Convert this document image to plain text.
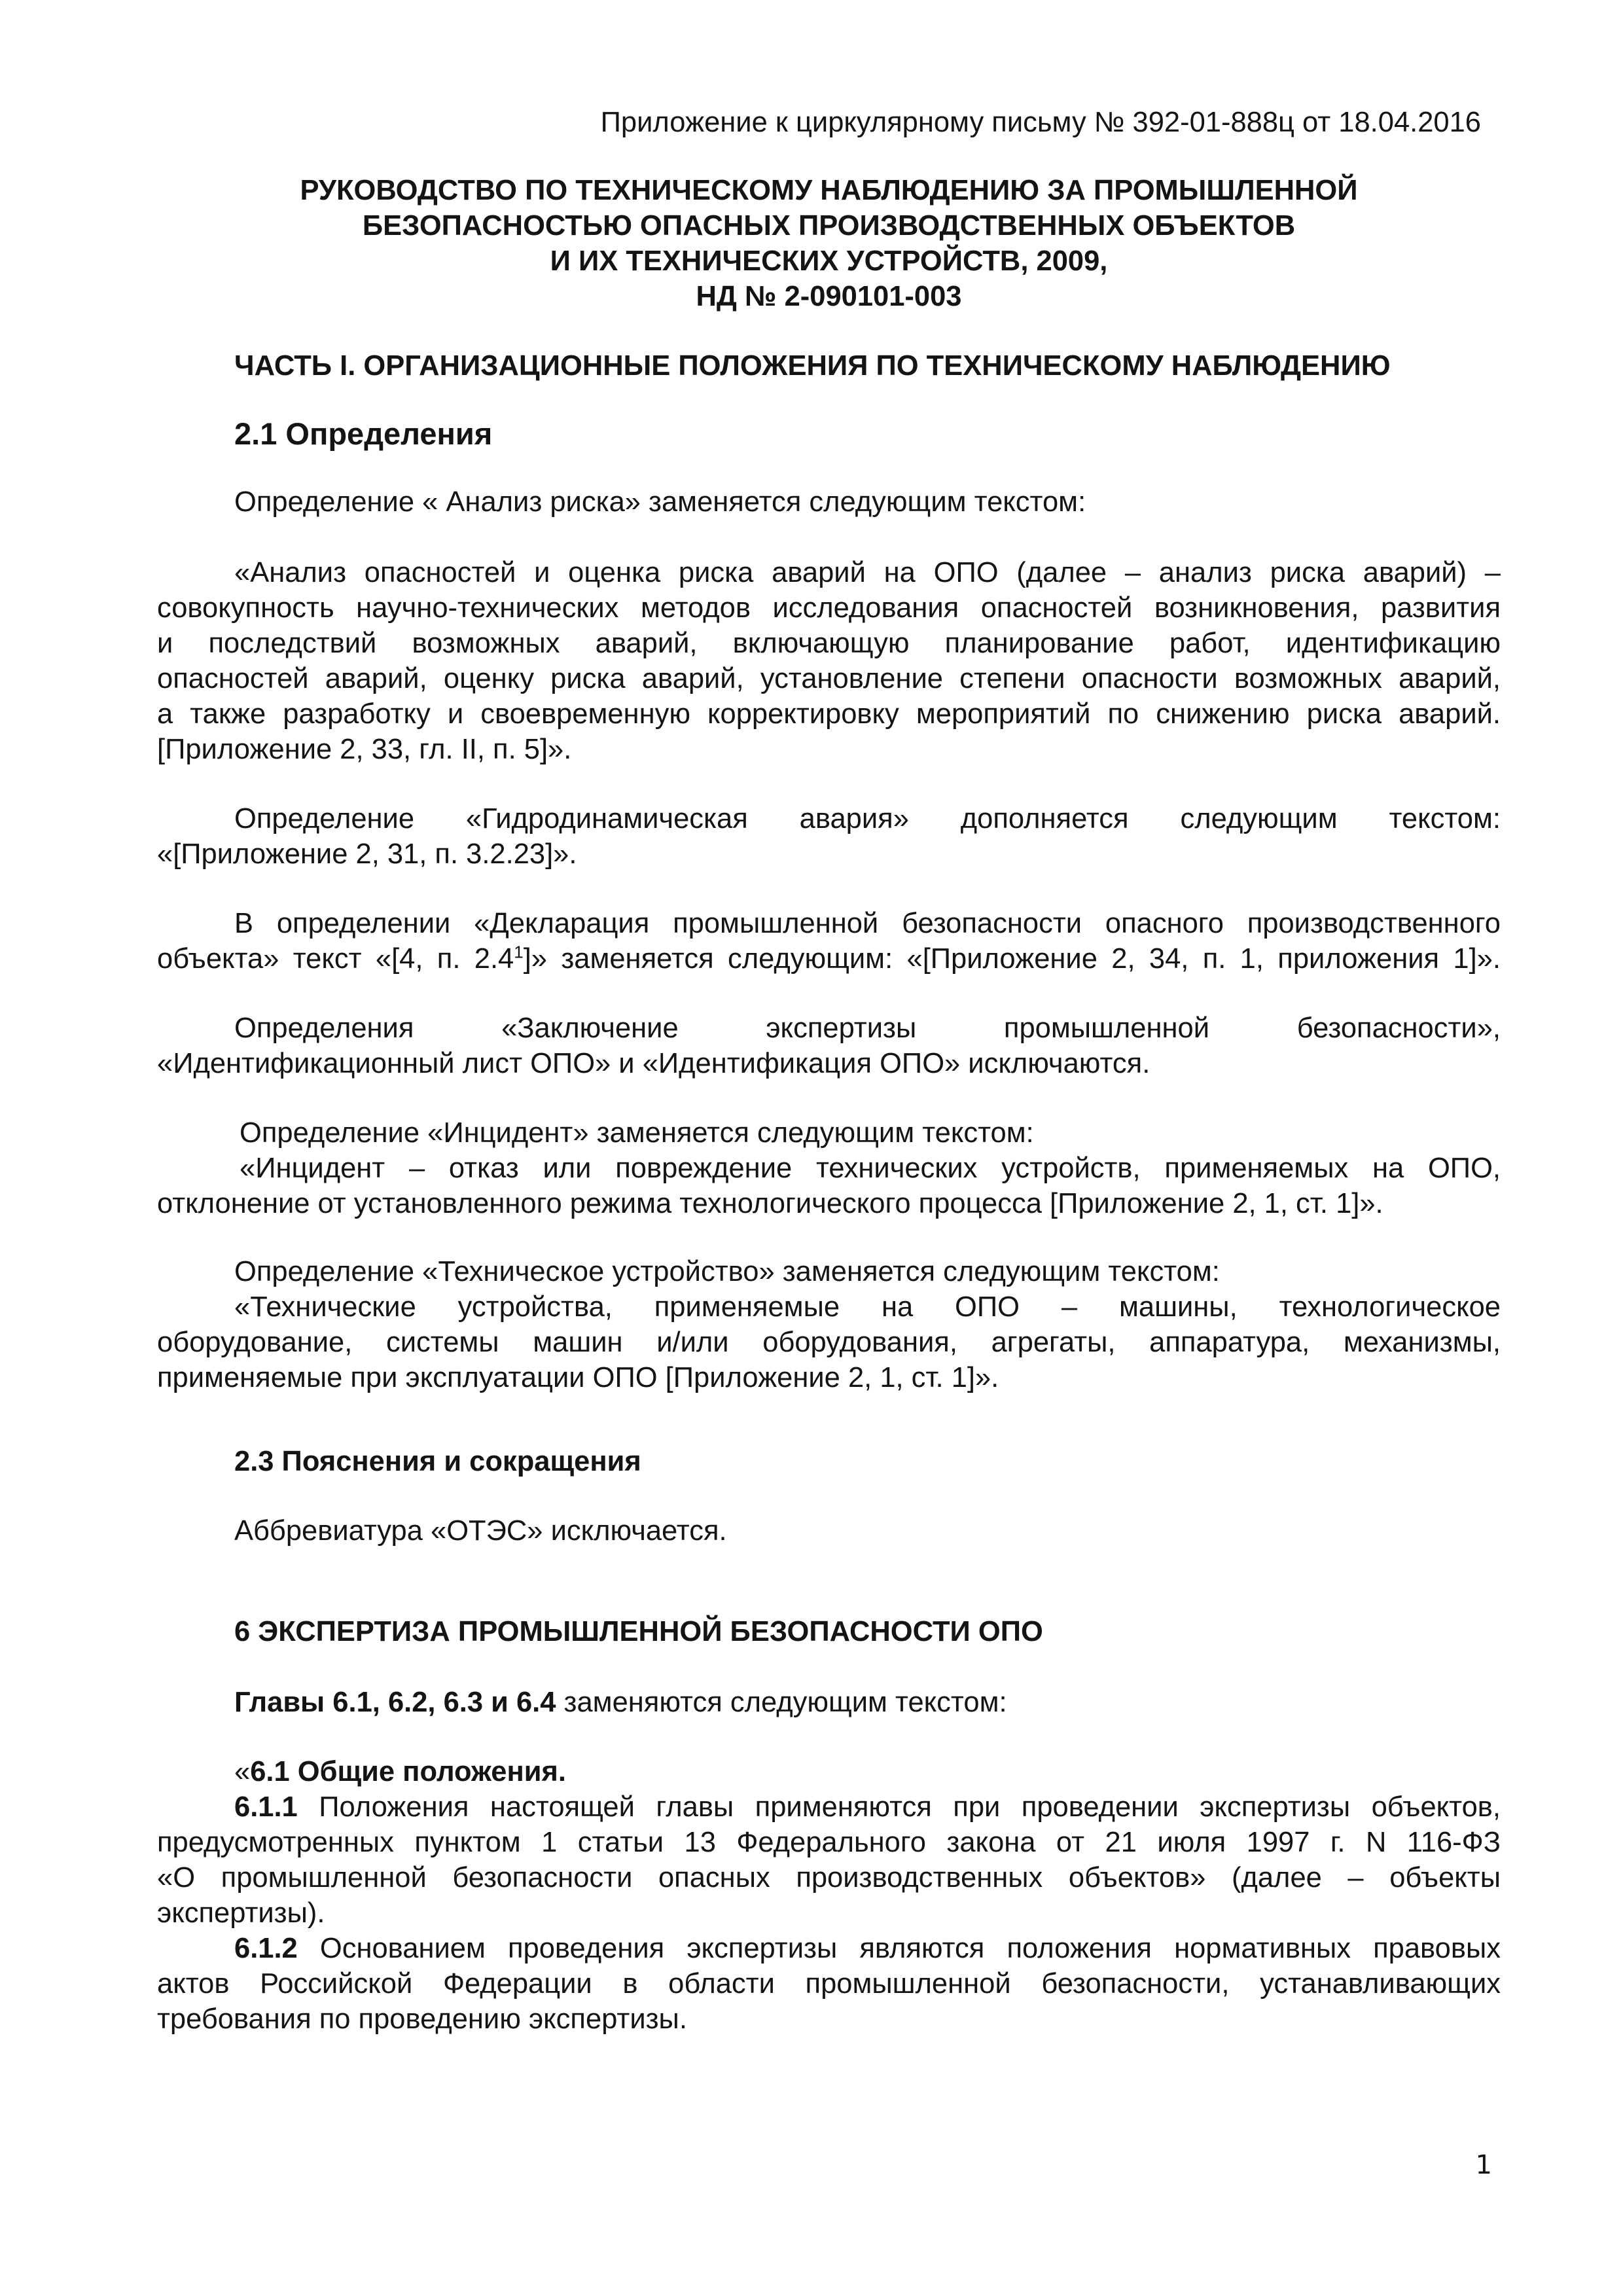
Приложение к циркулярному письму № 392-01-888ц от 18.04.2016
РУКОВОДСТВО ПО ТЕХНИЧЕСКОМУ НАБЛЮДЕНИЮ ЗА ПРОМЫШЛЕННОЙ
БЕЗОПАСНОСТЬЮ ОПАСНЫХ ПРОИЗВОДСТВЕННЫХ ОБЪЕКТОВ
И ИХ ТЕХНИЧЕСКИХ УСТРОЙСТВ, 2009,
НД № 2-090101-003
ЧАСТЬ I. ОРГАНИЗАЦИОННЫЕ ПОЛОЖЕНИЯ ПО ТЕХНИЧЕСКОМУ НАБЛЮДЕНИЮ
2.1 Определения
Определение « Анализ риска» заменяется следующим текстом:
«Анализ опасностей и оценка риска аварий на ОПО (далее – анализ риска аварий) –
совокупность научно-технических методов исследования опасностей возникновения, развития
и последствий возможных аварий, включающую планирование работ, идентификацию
опасностей аварий, оценку риска аварий, установление степени опасности возможных аварий,
а также разработку и своевременную корректировку мероприятий по снижению риска аварий.
[Приложение 2, 33, гл. II, п. 5]».
Определение «Гидродинамическая авария» дополняется следующим текстом:
«[Приложение 2, 31, п. 3.2.23]».
В определении «Декларация промышленной безопасности опасного производственного
объекта» текст «[4, п. $2.4^1$]» заменяется следующим: «[Приложение 2, 34, п. 1, приложения 1]».
Определения «Заключение экспертизы промышленной безопасности»,
«Идентификационный лист ОПО» и «Идентификация ОПО» исключаются.
Определение «Инцидент» заменяется следующим текстом:
«Инцидент – отказ или повреждение технических устройств, применяемых на ОПО,
отклонение от установленного режима технологического процесса [Приложение 2, 1, ст. 1]».
Определение «Техническое устройство» заменяется следующим текстом:
«Технические устройства, применяемые на ОПО – машины, технологическое
оборудование, системы машин и/или оборудования, агрегаты, аппаратура, механизмы,
применяемые при эксплуатации ОПО [Приложение 2, 1, ст. 1]».
2.3 Пояснения и сокращения
Аббревиатура «ОТЭС» исключается.
6 ЭКСПЕРТИЗА ПРОМЫШЛЕННОЙ БЕЗОПАСНОСТИ ОПО
Главы 6.1, 6.2, 6.3 и 6.4 заменяются следующим текстом:
«6.1 Общие положения.
6.1.1 Положения настоящей главы применяются при проведении экспертизы объектов,
предусмотренных пунктом 1 статьи 13 Федерального закона от 21 июля 1997 г. N 116-ФЗ
«О промышленной безопасности опасных производственных объектов» (далее – объекты
экспертизы).
6.1.2 Основанием проведения экспертизы являются положения нормативных правовых
актов Российской Федерации в области промышленной безопасности, устанавливающих
требования по проведению экспертизы.
1
